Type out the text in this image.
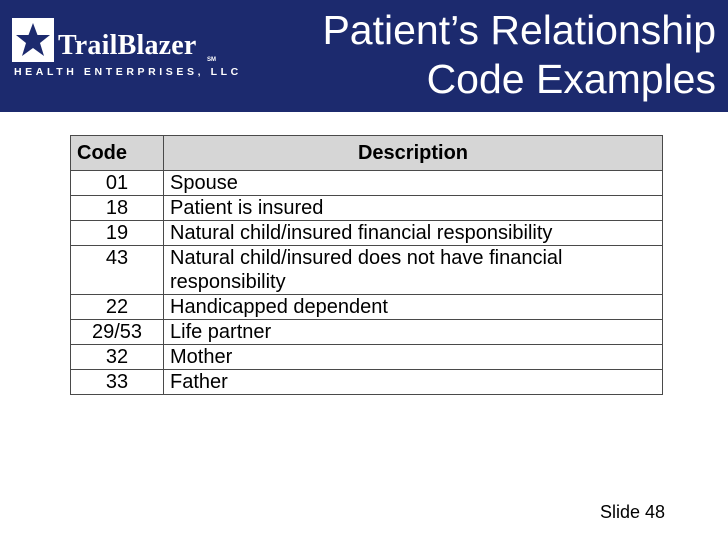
TrailBlazer SM
HEALTH ENTERPRISES, LLC
Patient’s Relationship
Code Examples
Code	Description
01	Spouse
18	Patient is insured
19	Natural child/insured financial responsibility
43	Natural child/insured does not have financial responsibility
22	Handicapped dependent
29/53	Life partner
32	Mother
33	Father
Slide 48
